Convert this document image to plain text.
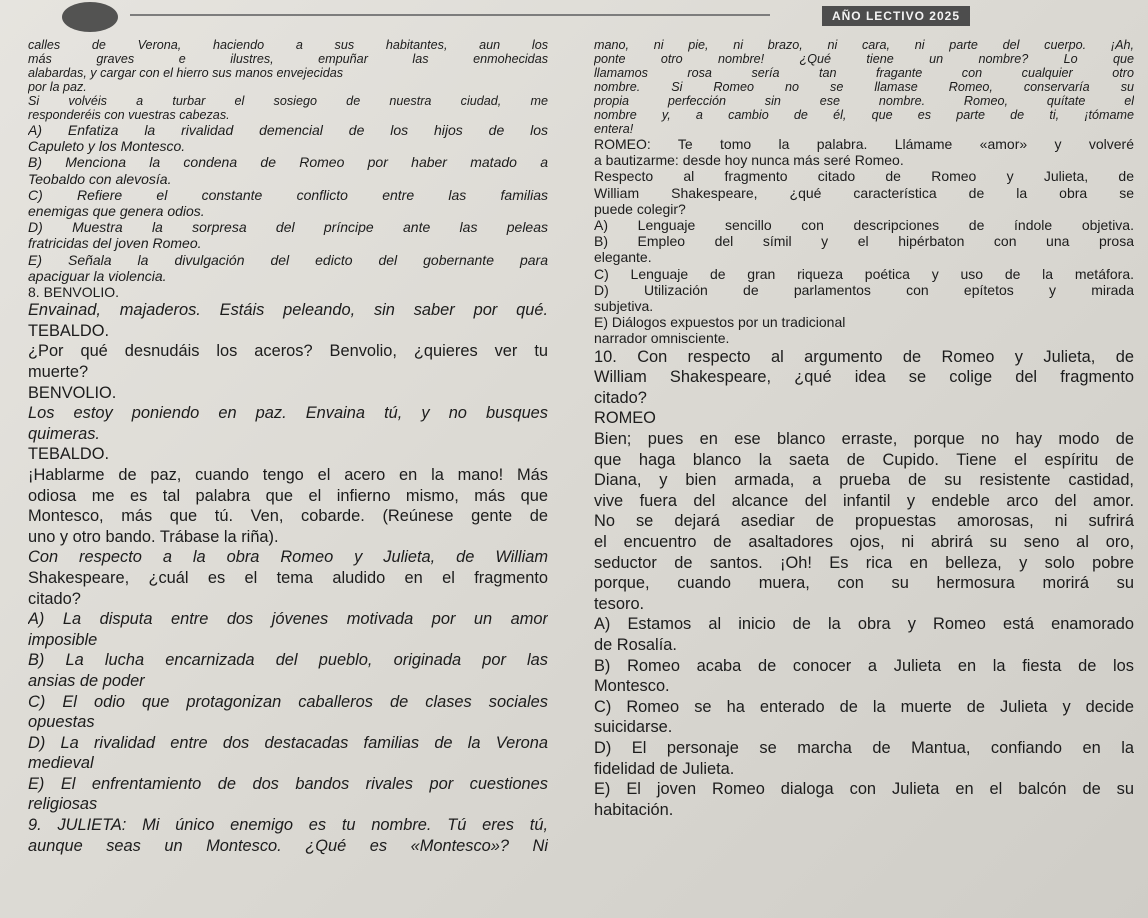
AÑO LECTIVO 2025
calles de Verona, haciendo a sus habitantes, aun los
más graves e ilustres, empuñar las enmohecidas
alabardas, y cargar con el hierro sus manos envejecidas
por la paz.
Si volvéis a turbar el sosiego de nuestra ciudad, me
responderéis con vuestras cabezas.
A) Enfatiza la rivalidad demencial de los hijos de los
Capuleto y los Montesco.
B) Menciona la condena de Romeo por haber matado a
Teobaldo con alevosía.
C) Refiere el constante conflicto entre las familias
enemigas que genera odios.
D) Muestra la sorpresa del príncipe ante las peleas
fratricidas del joven Romeo.
E) Señala la divulgación del edicto del gobernante para
apaciguar la violencia.
8. BENVOLIO.
Envainad, majaderos. Estáis peleando, sin saber por qué.
TEBALDO.
¿Por qué desnudáis los aceros? Benvolio, ¿quieres ver tu
muerte?
BENVOLIO.
Los estoy poniendo en paz. Envaina tú, y no busques
quimeras.
TEBALDO.
¡Hablarme de paz, cuando tengo el acero en la mano! Más
odiosa me es tal palabra que el infierno mismo, más que
Montesco, más que tú. Ven, cobarde. (Reúnese gente de
uno y otro bando. Trábase la riña).
Con respecto a la obra Romeo y Julieta, de William
Shakespeare, ¿cuál es el tema aludido en el fragmento
citado?
A) La disputa entre dos jóvenes motivada por un amor
imposible
B) La lucha encarnizada del pueblo, originada por las
ansias de poder
C) El odio que protagonizan caballeros de clases sociales
opuestas
D) La rivalidad entre dos destacadas familias de la Verona
medieval
E) El enfrentamiento de dos bandos rivales por cuestiones
religiosas
9. JULIETA: Mi único enemigo es tu nombre. Tú eres tú,
aunque seas un Montesco. ¿Qué es «Montesco»? Ni
mano, ni pie, ni brazo, ni cara, ni parte del cuerpo. ¡Ah,
ponte otro nombre! ¿Qué tiene un nombre? Lo que
llamamos rosa sería tan fragante con cualquier otro
nombre. Si Romeo no se llamase Romeo, conservaría su
propia perfección sin ese nombre. Romeo, quítate el
nombre y, a cambio de él, que es parte de ti, ¡tómame
entera!
ROMEO: Te tomo la palabra. Llámame «amor» y volveré
a bautizarme: desde hoy nunca más seré Romeo.
Respecto al fragmento citado de Romeo y Julieta, de
William Shakespeare, ¿qué característica de la obra se
puede colegir?
A) Lenguaje sencillo con descripciones de índole objetiva.
B) Empleo del símil y el hipérbaton con una prosa
elegante.
C) Lenguaje de gran riqueza poética y uso de la metáfora.
D) Utilización de parlamentos con epítetos y mirada
subjetiva.
E) Diálogos expuestos por un tradicional
narrador omnisciente.
10. Con respecto al argumento de Romeo y Julieta, de
William Shakespeare, ¿qué idea se colige del fragmento
citado?
ROMEO
Bien; pues en ese blanco erraste, porque no hay modo de
que haga blanco la saeta de Cupido. Tiene el espíritu de
Diana, y bien armada, a prueba de su resistente castidad,
vive fuera del alcance del infantil y endeble arco del amor.
No se dejará asediar de propuestas amorosas, ni sufrirá
el encuentro de asaltadores ojos, ni abrirá su seno al oro,
seductor de santos. ¡Oh! Es rica en belleza, y solo pobre
porque, cuando muera, con su hermosura morirá su
tesoro.
A) Estamos al inicio de la obra y Romeo está enamorado
de Rosalía.
B) Romeo acaba de conocer a Julieta en la fiesta de los
Montesco.
C) Romeo se ha enterado de la muerte de Julieta y decide
suicidarse.
D) El personaje se marcha de Mantua, confiando en la
fidelidad de Julieta.
E) El joven Romeo dialoga con Julieta en el balcón de su
habitación.
